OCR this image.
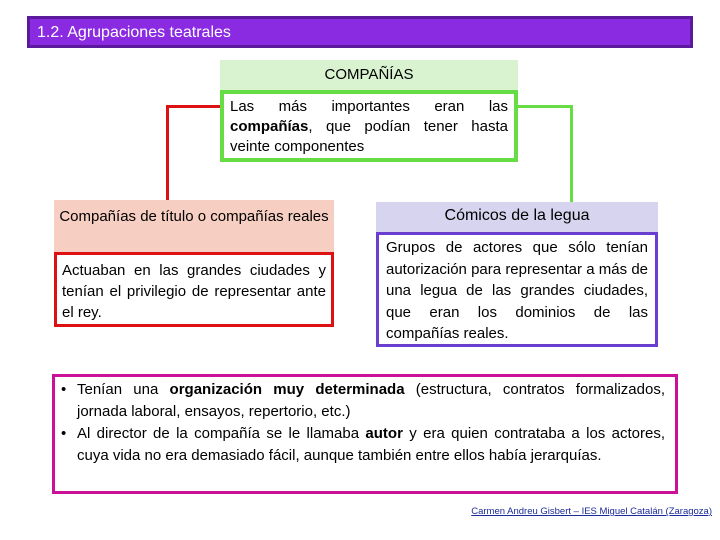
1.2. Agrupaciones teatrales
COMPAÑÍAS

Las más importantes eran las compañías, que podían tener hasta veinte componentes

Compañías de título o compañías reales

Actuaban en las grandes ciudades y tenían el privilegio de representar ante el rey.

Cómicos de la legua

Grupos de actores que sólo tenían autorización para representar a más de una legua de las grandes ciudades, que eran los dominios de las compañías reales.

• Tenían una organización muy determinada (estructura, contratos formalizados, jornada laboral, ensayos, repertorio, etc.)
• Al director de la compañía se le llamaba autor y era quien contrataba a los actores, cuya vida no era demasiado fácil, aunque también entre ellos había jerarquías.
Carmen Andreu Gisbert – IES Miguel Catalán (Zaragoza)
